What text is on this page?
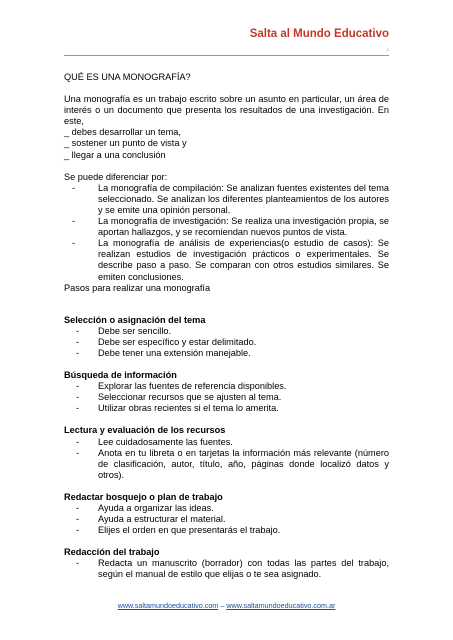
Salta al Mundo Educativo
1

QUÉ ES UNA MONOGRAFÍA?

Una monografía es un trabajo escrito sobre un asunto en particular, un área de interés o un documento que presenta los resultados de una investigación. En este,

_ debes desarrollar un tema,

_ sostener un punto de vista y

_ llegar a una conclusión

Se puede diferenciar por:

- La monografía de compilación: Se analizan fuentes existentes del tema seleccionado. Se analizan los diferentes planteamientos de los autores y se emite una opinión personal.
- La monografía de investigación: Se realiza una investigación propia, se aportan hallazgos, y se recomiendan nuevos puntos de vista.
- La monografía de análisis de experiencias(o estudio de casos): Se realizan estudios de investigación prácticos o experimentales. Se describe paso a paso. Se comparan con otros estudios similares. Se emiten conclusiones.

Pasos para realizar una monografía

Selección o asignación del tema

- Debe ser sencillo.
- Debe ser específico y estar delimitado.
- Debe tener una extensión manejable.

Búsqueda de información

- Explorar las fuentes de referencia disponibles.
- Seleccionar recursos que se ajusten al tema.
- Utilizar obras recientes si el tema lo amerita.

Lectura y evaluación de los recursos

- Lee cuidadosamente las fuentes.
- Anota en tu libreta o en tarjetas la información más relevante (número de clasificación, autor, título, año, páginas donde localizó datos y otros).

Redactar bosquejo o plan de trabajo

- Ayuda a organizar las ideas.
- Ayuda a estructurar el material.
- Elijes el orden en que presentarás el trabajo.

Redacción del trabajo

- Redacta un manuscrito (borrador) con todas las partes del trabajo, según el manual de estilo que elijas o te sea asignado.
www.saltamundoeducativo.com – www.saltamundoeducativo.com.ar
